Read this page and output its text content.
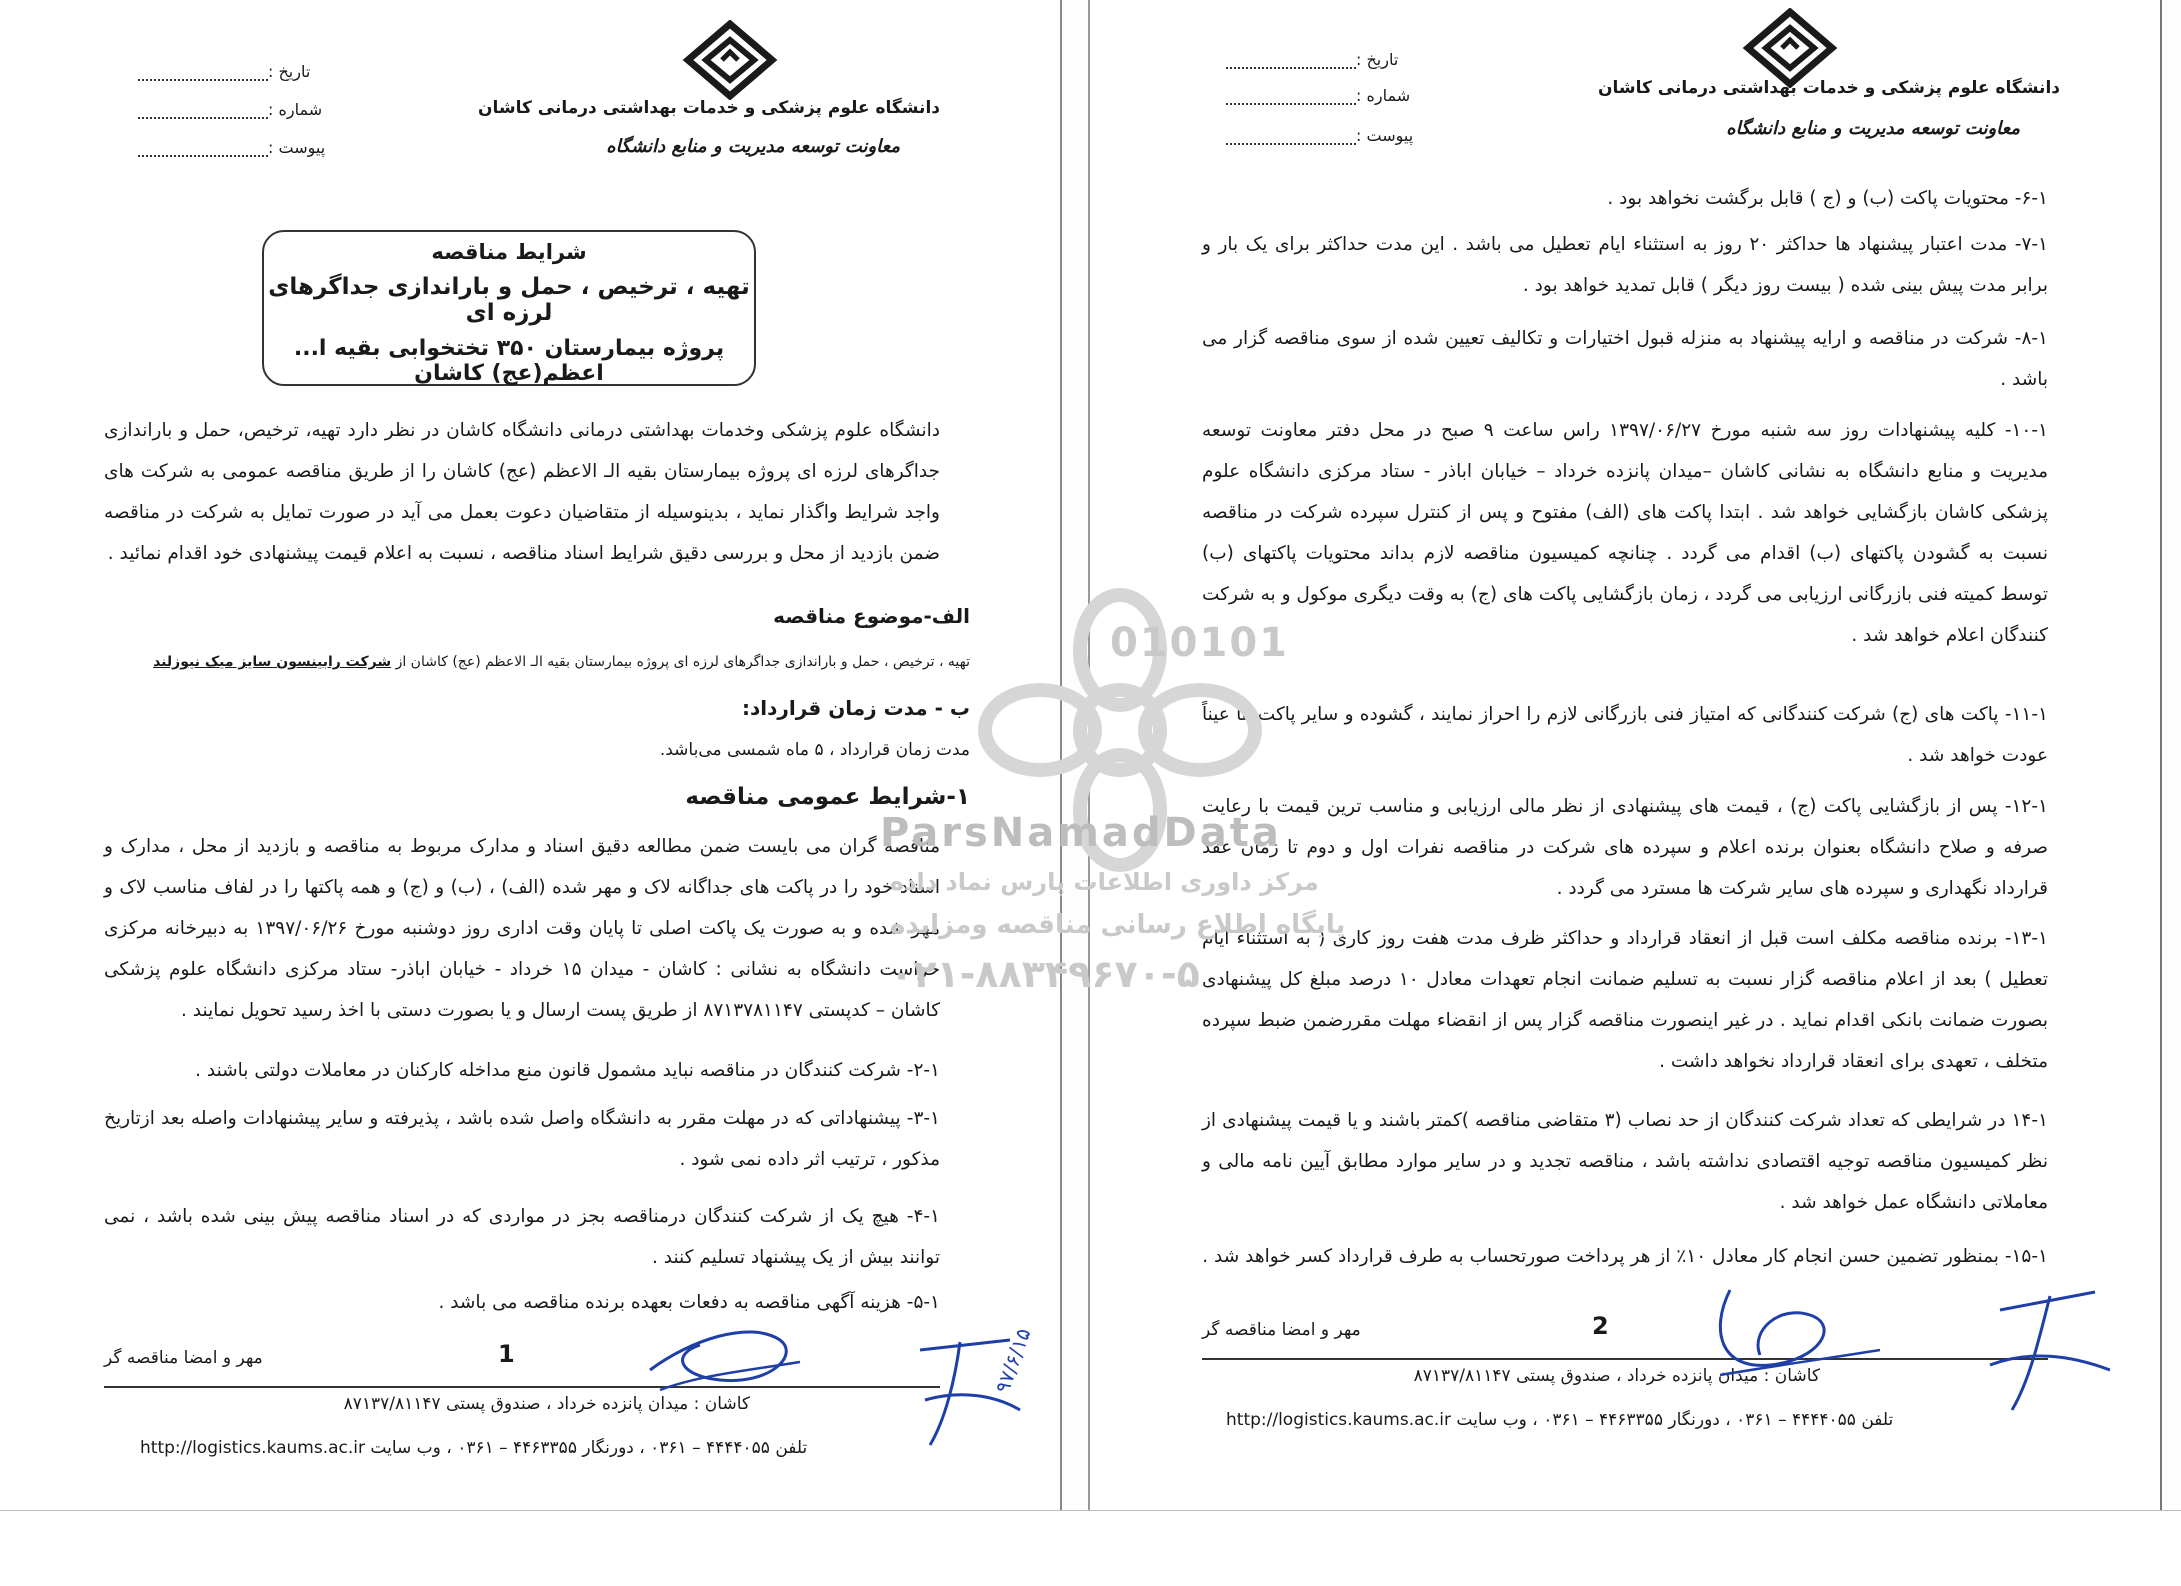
دانشگاه علوم پزشکی و خدمات بهداشتی درمانی کاشان
معاونت توسعه مدیریت و منابع دانشگاه
تاریخ :
شماره :
پیوست :
شرایط مناقصه
تهیه ، ترخیص ، حمل و باراندازی جداگرهای لرزه ای
پروژه بیمارستان ۳۵۰ تختخوابی بقیه ا... اعظم(عج) کاشان
دانشگاه علوم پزشکی وخدمات بهداشتی درمانی دانشگاه کاشان در نظر دارد تهیه، ترخیص، حمل و باراندازی جداگرهای لرزه ای پروژه بیمارستان بقیه الـ الاعظم (عج) کاشان را از طریق مناقصه عمومی به شرکت های واجد شرایط واگذار نماید ، بدینوسیله از متقاضیان دعوت بعمل می آید در صورت تمایل به شرکت در مناقصه ضمن بازدید از محل و بررسی دقیق شرایط اسناد مناقصه ، نسبت به اعلام قیمت پیشنهادی خود اقدام نمائید .
الف-موضوع مناقصه
تهیه ، ترخیص ، حمل و باراندازی جداگرهای لرزه ای پروژه بیمارستان بقیه الـ الاعظم (عج) کاشان از شرکت رابینسون سایز میک نیوزلند
ب - مدت زمان قرارداد:
مدت زمان قرارداد ، ۵ ماه شمسی می‌باشد.
۱-شرایط عمومی مناقصه
مناقصه گران می بایست ضمن مطالعه دقیق اسناد و مدارک مربوط به مناقصه و بازدید از محل ، مدارک و اسناد خود را در پاکت های جداگانه لاک و مهر شده (الف) ، (ب) و (ج) و همه پاکتها را در لفاف مناسب لاک و مهر شده و به صورت یک پاکت اصلی تا پایان وقت اداری روز دوشنبه مورخ ۱۳۹۷/۰۶/۲۶ به دبیرخانه مرکزی حراست دانشگاه به نشانی : کاشان - میدان ۱۵ خرداد - خیابان اباذر- ستاد مرکزی دانشگاه علوم پزشکی کاشان – کدپستی ۸۷۱۳۷۸۱۱۴۷ از طریق پست ارسال و یا بصورت دستی با اخذ رسید تحویل نمایند .
۲-۱- شرکت کنندگان در مناقصه نباید مشمول قانون منع مداخله کارکنان در معاملات دولتی باشند .
۳-۱- پیشنهاداتی که در مهلت مقرر به دانشگاه واصل شده باشد ، پذیرفته و سایر پیشنهادات واصله بعد ازتاریخ مذکور ، ترتیب اثر داده نمی شود .
۴-۱- هیچ یک از شرکت کنندگان درمناقصه بجز در مواردی که در اسناد مناقصه پیش بینی شده باشد ، نمی توانند بیش از یک پیشنهاد تسلیم کنند .
۵-۱- هزینه آگهی مناقصه به دفعات بعهده برنده مناقصه می باشد .
1
مهر و امضا مناقصه گر
کاشان : میدان پانزده خرداد ، صندوق پستی ۸۷۱۳۷/۸۱۱۴۷
تلفن ۴۴۴۴۰۵۵ – ۰۳۶۱ ، دورنگار ۴۴۶۳۳۵۵ – ۰۳۶۱ ، وب سایت http://logistics.kaums.ac.ir
۹۷/۶/۱۵
دانشگاه علوم پزشکی و خدمات بهداشتی درمانی کاشان
معاونت توسعه مدیریت و منابع دانشگاه
تاریخ :
شماره :
پیوست :
۶-۱- محتویات پاکت (ب) و (ج ) قابل برگشت نخواهد بود .
۷-۱- مدت اعتبار پیشنهاد ها حداکثر ۲۰ روز به استثناء ایام تعطیل می باشد . این مدت حداکثر برای یک بار و برابر مدت پیش بینی شده ( بیست روز دیگر ) قابل تمدید خواهد بود .
۸-۱- شرکت در مناقصه و ارایه پیشنهاد به منزله قبول اختیارات و تکالیف تعیین شده از سوی مناقصه گزار می باشد .
۱۰-۱- کلیه پیشنهادات روز سه شنبه مورخ ۱۳۹۷/۰۶/۲۷ راس ساعت ۹ صبح در محل دفتر معاونت توسعه مدیریت و منابع دانشگاه به نشانی کاشان –میدان پانزده خرداد – خیابان اباذر - ستاد مرکزی دانشگاه علوم پزشکی کاشان بازگشایی خواهد شد . ابتدا پاکت های (الف) مفتوح و پس از کنترل سپرده شرکت در مناقصه نسبت به گشودن پاکتهای (ب) اقدام می گردد . چنانچه کمیسیون مناقصه لازم بداند محتویات پاکتهای (ب) توسط کمیته فنی بازرگانی ارزیابی می گردد ، زمان بازگشایی پاکت های (ج) به وقت دیگری موکول و به شرکت کنندگان اعلام خواهد شد .
۱۱-۱- پاکت های (ج) شرکت کنندگانی که امتیاز فنی بازرگانی لازم را احراز نمایند ، گشوده و سایر پاکت ها عیناً عودت خواهد شد .
۱۲-۱- پس از بازگشایی پاکت (ج) ، قیمت های پیشنهادی از نظر مالی ارزیابی و مناسب ترین قیمت با رعایت صرفه و صلاح دانشگاه بعنوان برنده اعلام و سپرده های شرکت در مناقصه نفرات اول و دوم تا زمان عقد قرارداد نگهداری و سپرده های سایر شرکت ها مسترد می گردد .
۱۳-۱- برنده مناقصه مکلف است قبل از انعقاد قرارداد و حداکثر ظرف مدت هفت روز کاری ( به استثناء ایام تعطیل ) بعد از اعلام مناقصه گزار نسبت به تسلیم ضمانت انجام تعهدات معادل ۱۰ درصد مبلغ کل پیشنهادی بصورت ضمانت بانکی اقدام نماید . در غیر اینصورت مناقصه گزار پس از انقضاء مهلت مقررضمن ضبط سپرده متخلف ، تعهدی برای انعقاد قرارداد نخواهد داشت .
۱۴-۱ در شرایطی که تعداد شرکت کنندگان از حد نصاب (۳ متقاضی مناقصه )کمتر باشند و یا قیمت پیشنهادی از نظر کمیسیون مناقصه توجیه اقتصادی نداشته باشد ، مناقصه تجدید و در سایر موارد مطابق آیین نامه مالی و معاملاتی دانشگاه عمل خواهد شد .
۱۵-۱- بمنظور تضمین حسن انجام کار معادل ۱۰٪ از هر پرداخت صورتحساب به طرف قرارداد کسر خواهد شد .
2
مهر و امضا مناقصه گر
کاشان : میدان پانزده خرداد ، صندوق پستی ۸۷۱۳۷/۸۱۱۴۷
تلفن ۴۴۴۴۰۵۵ – ۰۳۶۱ ، دورنگار ۴۴۶۳۳۵۵ – ۰۳۶۱ ، وب سایت http://logistics.kaums.ac.ir
010101
ParsNamadData
مرکز داوری اطلاعات پارس نماد داده
پایگاه اطلاع رسانی مناقصه ومزایده
۰۲۱-۸۸۳۴۹۶۷۰-۵
